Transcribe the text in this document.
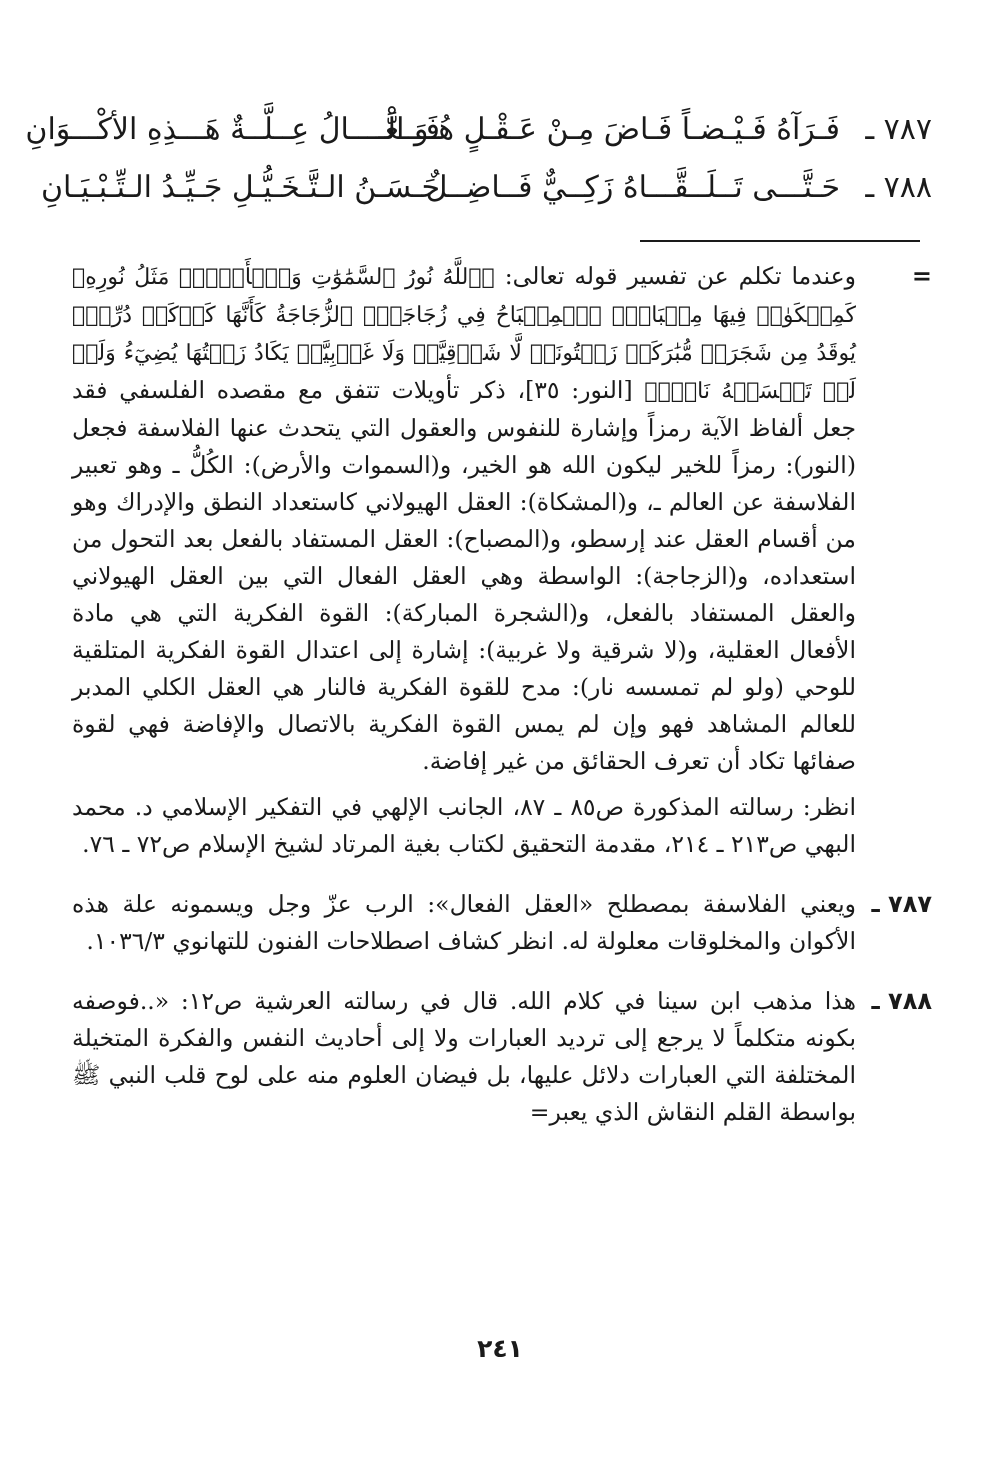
٧٨٧ ـ
فَـرَآهُ فَـيْـضـاً فَـاضَ مِـنْ عَـقْـلٍ هُـوَ الْـ
فَـــعَّــــالُ عِــلَّــةٌ هَـــذِهِ الأكْـــوَانِ
٧٨٨ ـ
حَـتَّـــى تَــلَــقَّـــاهُ زَكِــيٌّ فَــاضِــلٌ
حَـسَـنُ الـتَّـخَـيُّـلِ جَـيِّـدُ الـتِّـبْـيَـانِ
=

وعندما تكلم عن تفسير قوله تعالى: ﴿ٱللَّهُ نُورُ ٱلسَّمَٰوَٰتِ وَٱلۡأَرۡضِۚ مَثَلُ نُورِهِۦ كَمِشۡكَوٰةٖ فِيهَا مِصۡبَاحٌۖ ٱلۡمِصۡبَاحُ فِي زُجَاجَةٍۖ ٱلزُّجَاجَةُ كَأَنَّهَا كَوۡكَبٞ دُرِّيّٞ يُوقَدُ مِن شَجَرَةٖ مُّبَٰرَكَةٖ زَيۡتُونَةٖ لَّا شَرۡقِيَّةٖ وَلَا غَرۡبِيَّةٖ يَكَادُ زَيۡتُهَا يُضِيٓءُ وَلَوۡ لَمۡ تَمۡسَسۡهُ نَارٞۚ﴾ [النور: ٣٥]، ذكر تأويلات تتفق مع مقصده الفلسفي فقد جعل ألفاظ الآية رمزاً وإشارة للنفوس والعقول التي يتحدث عنها الفلاسفة فجعل (النور): رمزاً للخير ليكون الله هو الخير، و(السموات والأرض): الكُلُّ ـ وهو تعبير الفلاسفة عن العالم ـ، و(المشكاة): العقل الهيولاني كاستعداد النطق والإدراك وهو من أقسام العقل عند إرسطو، و(المصباح): العقل المستفاد بالفعل بعد التحول من استعداده، و(الزجاجة): الواسطة وهي العقل الفعال التي بين العقل الهيولاني والعقل المستفاد بالفعل، و(الشجرة المباركة): القوة الفكرية التي هي مادة الأفعال العقلية، و(لا شرقية ولا غربية): إشارة إلى اعتدال القوة الفكرية المتلقية للوحي (ولو لم تمسسه نار): مدح للقوة الفكرية فالنار هي العقل الكلي المدبر للعالم المشاهد فهو وإن لم يمس القوة الفكرية بالاتصال والإفاضة فهي لقوة صفائها تكاد أن تعرف الحقائق من غير إفاضة.

انظر: رسالته المذكورة ص٨٥ ـ ٨٧، الجانب الإلهي في التفكير الإسلامي د. محمد البهي ص٢١٣ ـ ٢١٤، مقدمة التحقيق لكتاب بغية المرتاد لشيخ الإسلام ص٧٢ ـ ٧٦.

٧٨٧ ـ

ويعني الفلاسفة بمصطلح «العقل الفعال»: الرب عزّ وجل ويسمونه علة هذه الأكوان والمخلوقات معلولة له. انظر كشاف اصطلاحات الفنون للتهانوي ١٠٣٦/٣.

٧٨٨ ـ

هذا مذهب ابن سينا في كلام الله. قال في رسالته العرشية ص١٢: «..فوصفه بكونه متكلماً لا يرجع إلى ترديد العبارات ولا إلى أحاديث النفس والفكرة المتخيلة المختلفة التي العبارات دلائل عليها، بل فيضان العلوم منه على لوح قلب النبي ﷺ بواسطة القلم النقاش الذي يعبر=

٢٤١
